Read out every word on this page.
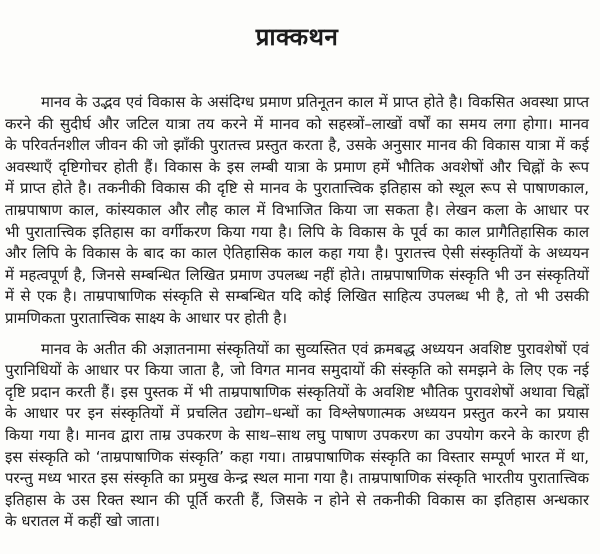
प्राक्कथन
मानव के उद्भव एवं विकास के असंदिग्ध प्रमाण प्रतिनूतन काल में प्राप्त होते है। विकसित अवस्था प्राप्त
करने की सुदीर्घ और जटिल यात्रा तय करने में मानव को सहस्त्रों–लाखों वर्षों का समय लगा होगा। मानव
के परिवर्तनशील जीवन की जो झाँकी पुरातत्त्व प्रस्तुत करता है, उसके अनुसार मानव की विकास यात्रा में कई
अवस्थाएँ दृष्टिगोचर होती हैं। विकास के इस लम्बी यात्रा के प्रमाण हमें भौतिक अवशेषों और चिह्नों के रूप
में प्राप्त होते है। तकनीकी विकास की दृष्टि से मानव के पुरातात्त्विक इतिहास को स्थूल रूप से पाषाणकाल,
ताम्रपाषाण काल, कांस्यकाल और लौह काल में विभाजित किया जा सकता है। लेखन कला के आधार पर
भी पुरातात्त्विक इतिहास का वर्गीकरण किया गया है। लिपि के विकास के पूर्व का काल प्रागैतिहासिक काल
और लिपि के विकास के बाद का काल ऐतिहासिक काल कहा गया है। पुरातत्त्व ऐसी संस्कृतियों के अध्ययन
में महत्वपूर्ण है, जिनसे सम्बन्धित लिखित प्रमाण उपलब्ध नहीं होते। ताम्रपाषाणिक संस्कृति भी उन संस्कृतियों
में से एक है। ताम्रपाषाणिक संस्कृति से सम्बन्धित यदि कोई लिखित साहित्य उपलब्ध भी है, तो भी उसकी
प्रामणिकता पुरातात्त्विक साक्ष्य के आधार पर होती है।
मानव के अतीत की अज्ञातनामा संस्कृतियों का सुव्यस्तित एवं क्रमबद्ध अध्ययन अवशिष्ट पुरावशेषों एवं
पुरानिधियों के आधार पर किया जाता है, जो विगत मानव समुदायों की संस्कृति को समझने के लिए एक नई
दृष्टि प्रदान करती हैं। इस पुस्तक में भी ताम्रपाषाणिक संस्कृतियों के अवशिष्ट भौतिक पुरावशेषों अथावा चिह्नों
के आधार पर इन संस्कृतियों में प्रचलित उद्योग–धन्धों का विश्लेषणात्मक अध्ययन प्रस्तुत करने का प्रयास
किया गया है। मानव द्वारा ताम्र उपकरण के साथ–साथ लघु पाषाण उपकरण का उपयोग करने के कारण ही
इस संस्कृति को ‘ताम्रपाषाणिक संस्कृति’ कहा गया। ताम्रपाषाणिक संस्कृति का विस्तार सम्पूर्ण भारत में था,
परन्तु मध्य भारत इस संस्कृति का प्रमुख केन्द्र स्थल माना गया है। ताम्रपाषाणिक संस्कृति भारतीय पुरातात्त्विक
इतिहास के उस रिक्त स्थान की पूर्ति करती हैं, जिसके न होने से तकनीकी विकास का इतिहास अन्धकार
के धरातल में कहीं खो जाता।
